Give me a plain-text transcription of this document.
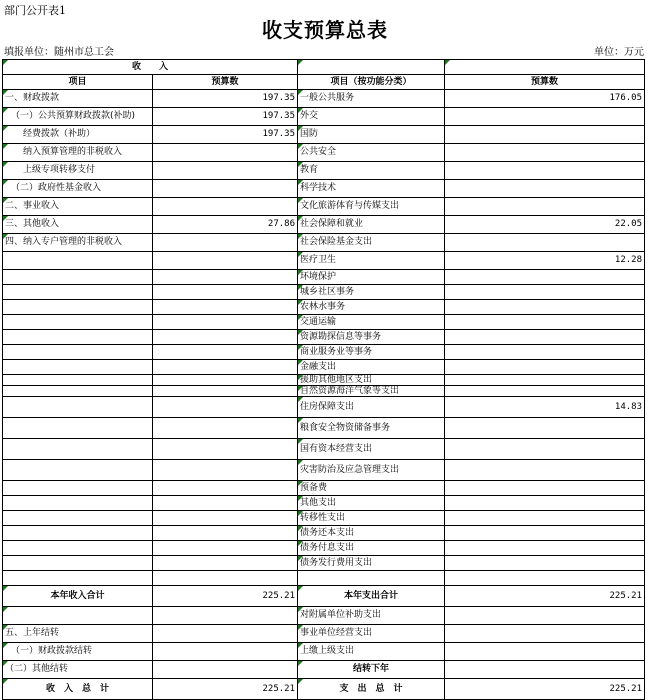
部门公开表1
收支预算总表
填报单位：随州市总工会	单位：万元
收　　入			
项目	预算数	项目（按功能分类）	预算数
一、财政拨款	197.35	一般公共服务	176.05
（一）公共预算财政拨款(补助)	197.35	外交	
经费拨款（补助）	197.35	国防	
纳入预算管理的非税收入		公共安全	
上级专项转移支付		教育	
（二）政府性基金收入		科学技术	
二、事业收入		文化旅游体育与传媒支出	
三、其他收入	27.86	社会保障和就业	22.05
四、纳入专户管理的非税收入		社会保险基金支出	
		医疗卫生	12.28
		环境保护	
		城乡社区事务	
		农林水事务	
		交通运输	
		资源勘探信息等事务	
		商业服务业等事务	
		金融支出	
		援助其他地区支出	
		自然资源海洋气象等支出	
		住房保障支出	14.83
		粮食安全物资储备事务	
		国有资本经营支出	
		灾害防治及应急管理支出	
		预备费	
		其他支出	
		转移性支出	
		债务还本支出	
		债务付息支出	
		债务发行费用支出	

本年收入合计	225.21	本年支出合计	225.21
		对附属单位补助支出	
五、上年结转		事业单位经营支出	
（一）财政拨款结转		上缴上级支出	
（二）其他结转		结转下年	
收　入　总　计	225.21	支　出　总　计	225.21
